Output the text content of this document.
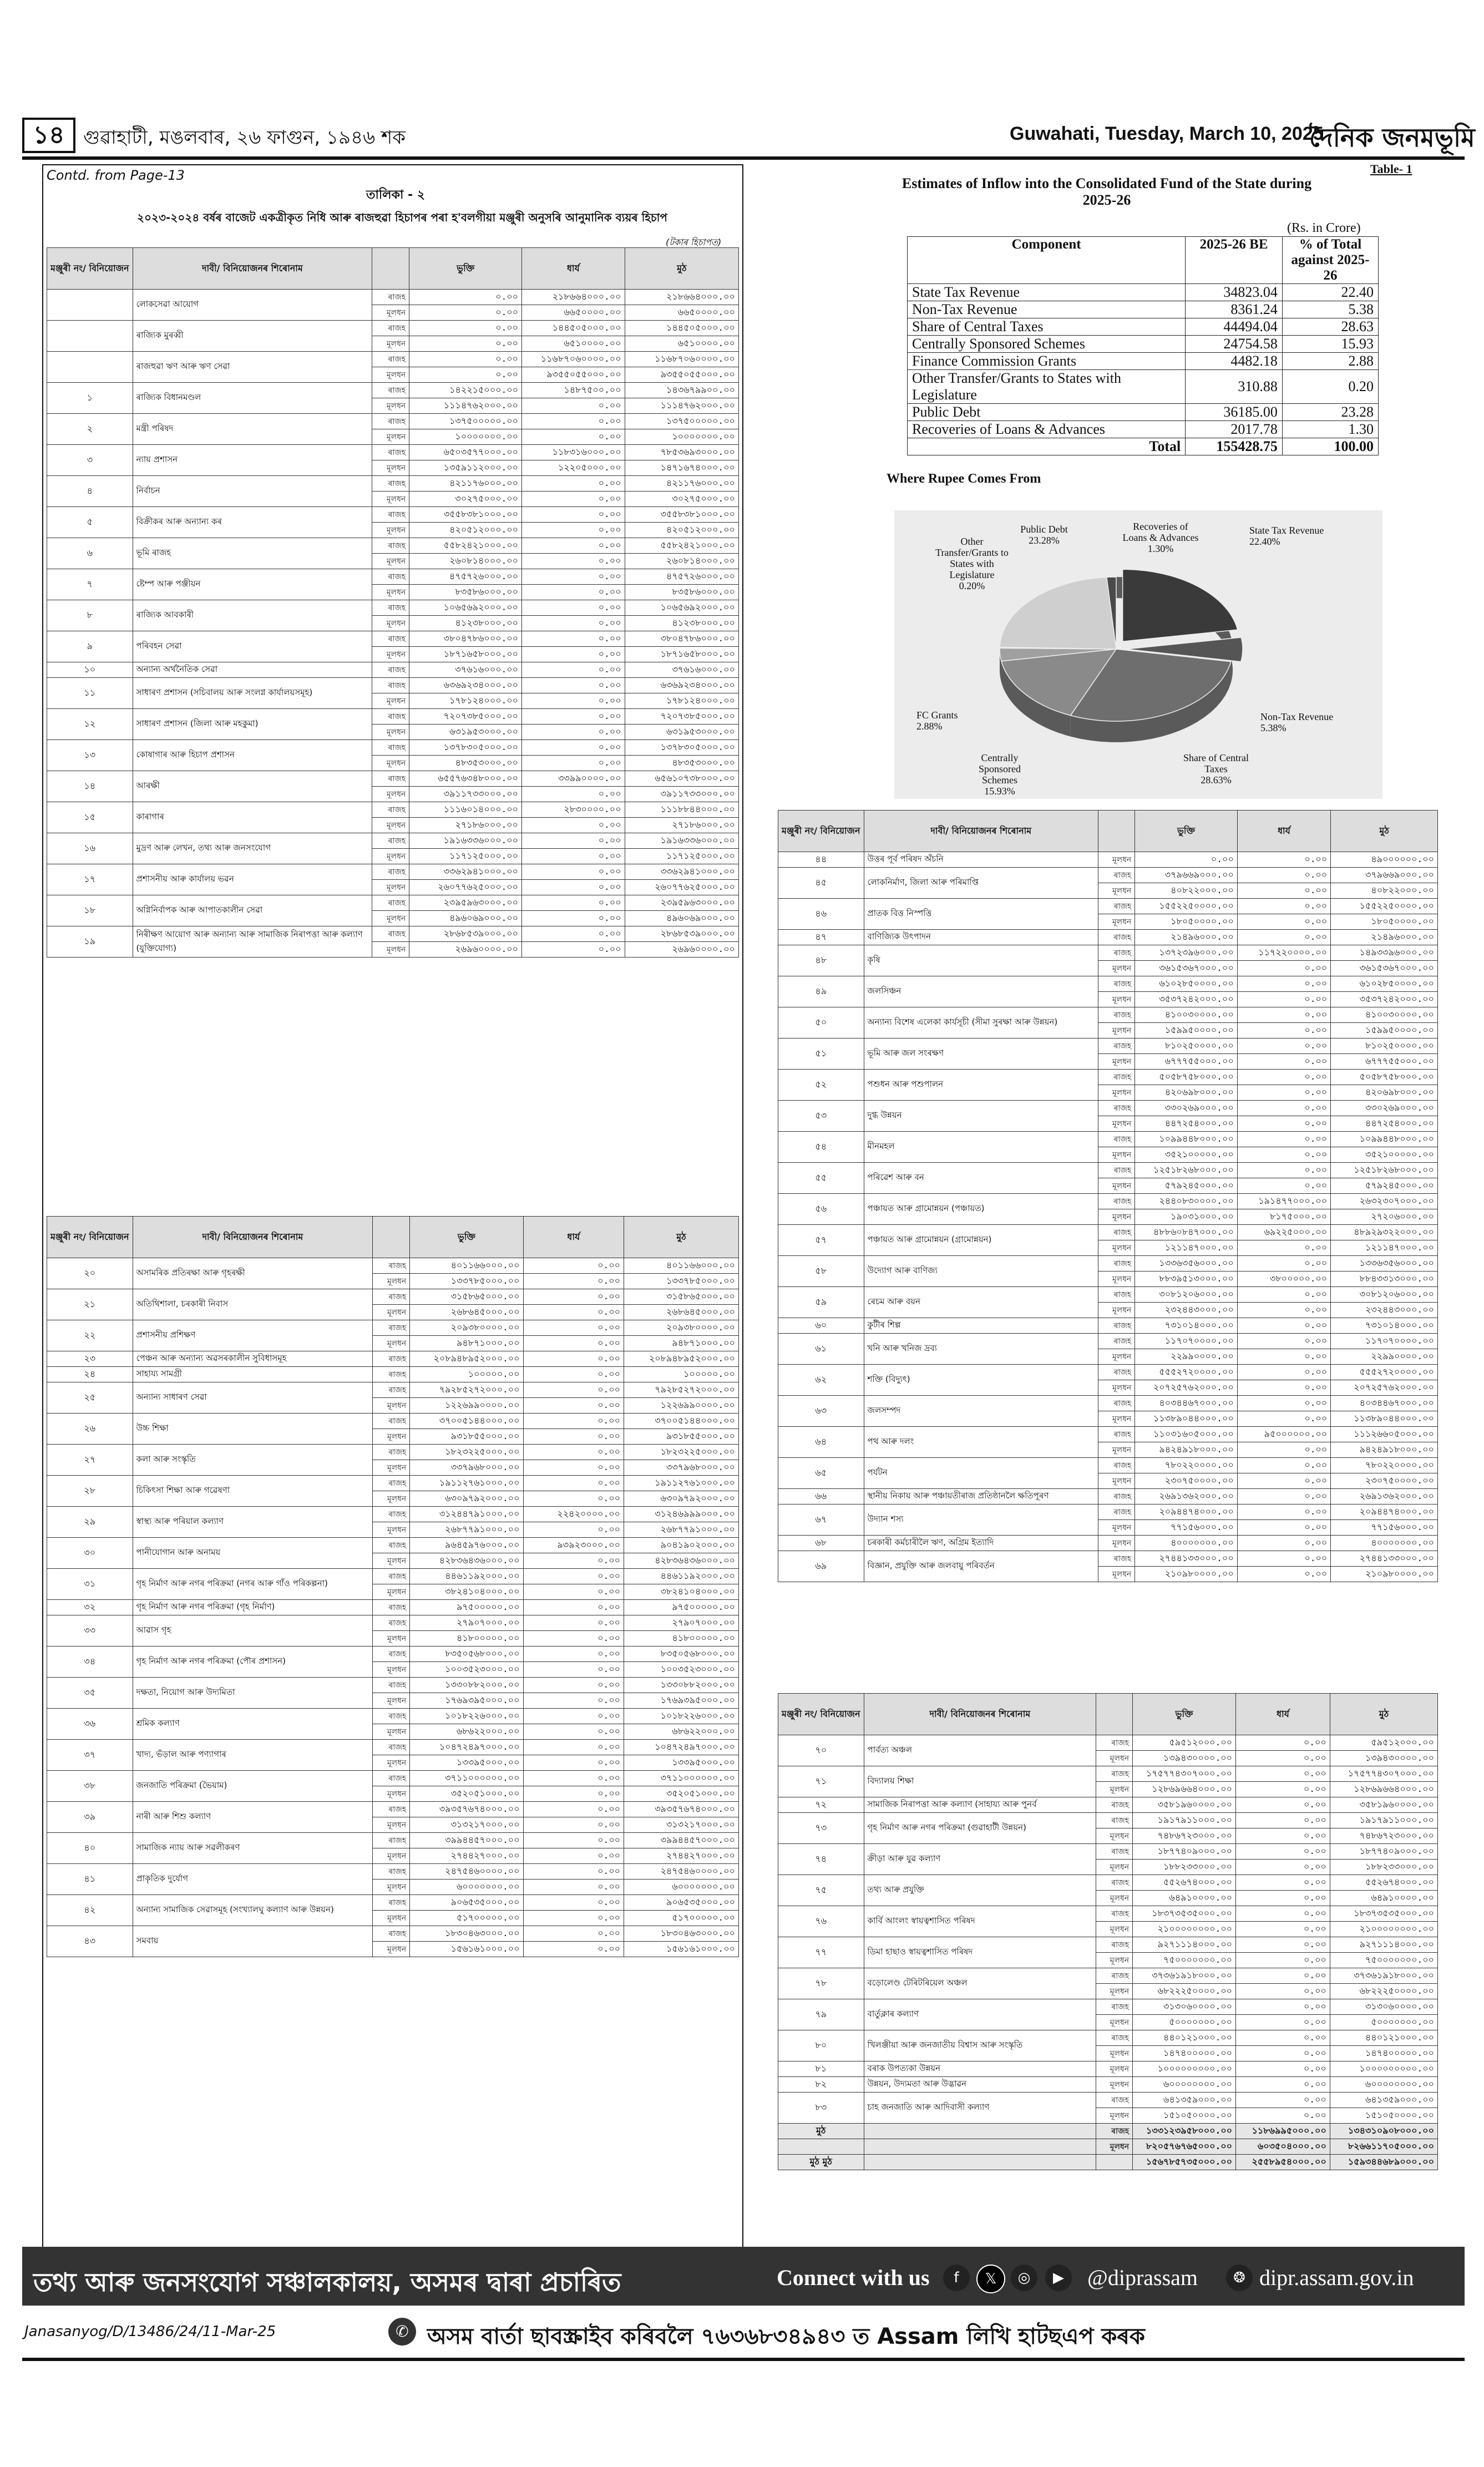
১৪ গুৱাহাটী, মঙলবাৰ, ২৬ ফাগুন, ১৯৪৬ শক	Guwahati, Tuesday, March 10, 2025
দৈনিক জনমভূমি
Contd. from Page-13
তালিকা - ২
২০২৩-২০২৪ বৰ্ষৰ বাজেট একত্ৰীকৃত নিধি আৰু ৰাজহুৱা হিচাপৰ পৰা হ'বলগীয়া মঞ্জুৰী অনুসৰি আনুমানিক ব্যয়ৰ হিচাপ
(টকাৰ হিচাপত)
মঞ্জুৰী নং/ বিনিয়োজন	দাবী/ বিনিয়োজনৰ শিৰোনাম		ভুক্তি	ধাৰ্য	মুঠ
	লোকসেৱা আয়োগ	ৰাজহ	০.০০	২১৮৬৬৪০০০.০০	২১৮৬৬৪০০০.০০
		মূলধন	০.০০	৬৬৫০০০০.০০	৬৬৫০০০০.০০
	ৰাজ্যিক মুৰব্বী	ৰাজহ	০.০০	১৪৪৫০৫০০০.০০	১৪৪৫০৫০০০.০০
		মূলধন	০.০০	৬৫১০০০০.০০	৬৫১০০০০.০০
	ৰাজহুৱা ঋণ আৰু ঋণ সেৱা	ৰাজহ	০.০০	১১৬৮৭০৬০০০০.০০	১১৬৮৭০৬০০০০.০০
		মূলধন	০.০০	৯৩৫৫০৫৫০০০.০০	৯৩৫৫০৫৫০০০.০০
১	ৰাজ্যিক বিধানমণ্ডল	ৰাজহ	১৪২২১৫০০০.০০	১৪৮৭৫০০.০০	১৪৩৬৭৯৯০০.০০
		মূলধন	১১১৪৭৬২০০০.০০	০.০০	১১১৪৭৬২০০০.০০
২	মন্ত্ৰী পৰিষদ	ৰাজহ	১৩৭৫০০০০০.০০	০.০০	১৩৭৫০০০০০.০০
		মূলধন	১০০০০০০০.০০	০.০০	১০০০০০০০.০০
৩	ন্যায় প্ৰশাসন	ৰাজহ	৬৫০৩৫৭৭০০০.০০	১১৮৩১৬০০০.০০	৭৮৫৩৬৯৩০০০.০০
		মূলধন	১৩৫৯১১২০০০.০০	১২২০৫০০০.০০	১৪৭১৬৭৪০০০.০০
৪	নিৰ্বাচন	ৰাজহ	৪২১১৭৬০০০.০০	০.০০	৪২১১৭৬০০০.০০
		মূলধন	৩০২৭৫০০০.০০	০.০০	৩০২৭৫০০০.০০
৫	বিক্ৰীকৰ আৰু অন্যান্য কৰ	ৰাজহ	৩৫৫৮৩৮১০০০.০০	০.০০	৩৫৫৮৩৮১০০০.০০
		মূলধন	৪২০৫১২০০০.০০	০.০০	৪২০৫১২০০০.০০
৬	ভূমি ৰাজহ	ৰাজহ	৫৫৮২৪২১০০০.০০	০.০০	৫৫৮২৪২১০০০.০০
		মূলধন	২৬০৮১৪০০০.০০	০.০০	২৬০৮১৪০০০.০০
৭	ষ্টেম্প আৰু পঞ্জীয়ন	ৰাজহ	৪৭৫৭২৬০০০.০০	০.০০	৪৭৫৭২৬০০০.০০
		মূলধন	৮৩৫৮৬০০০.০০	০.০০	৮৩৫৮৬০০০.০০
৮	ৰাজ্যিক আবকাৰী	ৰাজহ	১০৬৫৬৯২০০০.০০	০.০০	১০৬৫৬৯২০০০.০০
		মূলধন	৪১২৩৮০০০.০০	০.০০	৪১২৩৮০০০.০০
৯	পৰিবহন সেৱা	ৰাজহ	৩৮০৪৭৮৬০০০.০০	০.০০	৩৮০৪৭৮৬০০০.০০
		মূলধন	১৮৭১৬৫৮০০০.০০	০.০০	১৮৭১৬৫৮০০০.০০
১০	অন্যান্য অৰ্থনৈতিক সেৱা	ৰাজহ	৩৭৬১৬০০০.০০	০.০০	৩৭৬১৬০০০.০০
১১	সাধাৰণ প্ৰশাসন (সচিবালয় আৰু সংলগ্ন কাৰ্যালয়সমূহ)	ৰাজহ	৬৩৬৯২৩৪০০০.০০	০.০০	৬৩৬৯২৩৪০০০.০০
		মূলধন	১৭৮১২৪০০০.০০	০.০০	১৭৮১২৪০০০.০০
১২	সাধাৰণ প্ৰশাসন (জিলা আৰু মহকুমা)	ৰাজহ	৭২০৭৩৮৫০০০.০০	০.০০	৭২০৭৩৮৫০০০.০০
		মূলধন	৬৩১৯৫৩০০০.০০	০.০০	৬৩১৯৫৩০০০.০০
১৩	কোষাগাৰ আৰু হিচাপ প্ৰশাসন	ৰাজহ	১৩৭৮৩০৫০০০.০০	০.০০	১৩৭৮৩০৫০০০.০০
		মূলধন	৪৮৩৫৩০০০.০০	০.০০	৪৮৩৫৩০০০.০০
১৪	আৰক্ষী	ৰাজহ	৬৫৫৭৬৩৪৮০০০.০০	৩৩৯৯০০০০.০০	৬৫৬১০৭৩৮০০০.০০
		মূলধন	৩৯১১৭৩৩০০০.০০	০.০০	৩৯১১৭৩৩০০০.০০
১৫	কাৰাগাৰ	ৰাজহ	১১১৬০১৪০০০.০০	২৮৩০০০০.০০	১১১৮৮৪৪০০০.০০
		মূলধন	২৭১৮৬০০০.০০	০.০০	২৭১৮৬০০০.০০
১৬	মুদ্ৰণ আৰু লেখন, তথ্য আৰু জনসংযোগ	ৰাজহ	১৯১৬৩৩৬০০০.০০	০.০০	১৯১৬৩৩৬০০০.০০
		মূলধন	১১৭১২৫০০০.০০	০.০০	১১৭১২৫০০০.০০
১৭	প্ৰশাসনীয় আৰু কাৰ্যালয় ভৱন	ৰাজহ	৩৩৬২৯৪১০০০.০০	০.০০	৩৩৬২৯৪১০০০.০০
		মূলধন	২৬০৭৭৬২৫০০০.০০	০.০০	২৬০৭৭৬২৫০০০.০০
১৮	অগ্নিনিৰ্বাপক আৰু আপাতকালীন সেৱা	ৰাজহ	২৩৯৫৯৬৩০০০.০০	০.০০	২৩৯৫৯৬৩০০০.০০
		মূলধন	৪৯৬০৬৯০০০.০০	০.০০	৪৯৬০৬৯০০০.০০
১৯	নিৰীক্ষণ আয়োগ আৰু অন্যান্য আৰু সামাজিক নিৰাপত্তা আৰু কল্যাণ (যুক্তিযোগ্য)	ৰাজহ	২৮৬৮৫৩৯০০০.০০	০.০০	২৮৬৮৫৩৯০০০.০০
		মূলধন	২৬৯৬০০০০.০০	০.০০	২৬৯৬০০০০.০০
মঞ্জুৰী নং/ বিনিয়োজন	দাবী/ বিনিয়োজনৰ শিৰোনাম		ভুক্তি	ধাৰ্য	মুঠ
২০	অসামৰিক প্ৰতিৰক্ষা আৰু গৃহৰক্ষী	ৰাজহ	৪০১১৬৬০০০.০০	০.০০	৪০১১৬৬০০০.০০
		মূলধন	১৩৩৭৮৫০০০.০০	০.০০	১৩৩৭৮৫০০০.০০
২১	অতিথিশালা, চৰকাৰী নিবাস	ৰাজহ	৩১৫৮৬৫০০০.০০	০.০০	৩১৫৮৬৫০০০.০০
		মূলধন	২৬৮৬৪৫০০০.০০	০.০০	২৬৮৬৪৫০০০.০০
২২	প্ৰশাসনীয় প্ৰশিক্ষণ	ৰাজহ	২০৯৩৮০০০০.০০	০.০০	২০৯৩৮০০০০.০০
		মূলধন	৯৪৮৭১০০০.০০	০.০০	৯৪৮৭১০০০.০০
২৩	পেঞ্চন আৰু অন্যান্য অৱসৰকালীন সুবিধাসমূহ	ৰাজহ	২০৮৯৪৮৯৫২০০০.০০	০.০০	২০৮৯৪৮৯৫২০০০.০০
২৪	সাহায্য সামগ্ৰী	ৰাজহ	১০০০০০.০০	০.০০	১০০০০০.০০
২৫	অন্যান্য সাধাৰণ সেৱা	ৰাজহ	৭৯২৮৫২৭২০০০.০০	০.০০	৭৯২৮৫২৭২০০০.০০
		মূলধন	১২২৬৯৯০০০০.০০	০.০০	১২২৬৯৯০০০০.০০
২৬	উচ্চ শিক্ষা	ৰাজহ	৩৭০০৫১৪৪০০০.০০	০.০০	৩৭০০৫১৪৪০০০.০০
		মূলধন	৯৩১৮৫৫০০০.০০	০.০০	৯৩১৮৫৫০০০.০০
২৭	কলা আৰু সংস্কৃতি	ৰাজহ	১৮২৩২২৫০০০.০০	০.০০	১৮২৩২২৫০০০.০০
		মূলধন	৩৩৭৯৬৮০০০.০০	০.০০	৩৩৭৯৬৮০০০.০০
২৮	চিকিৎসা শিক্ষা আৰু গৱেষণা	ৰাজহ	১৯১১২৭৬১০০০.০০	০.০০	১৯১১২৭৬১০০০.০০
		মূলধন	৬৩০৯৭৯২০০০.০০	০.০০	৬৩০৯৭৯২০০০.০০
২৯	স্বাস্থ্য আৰু পৰিয়াল কল্যাণ	ৰাজহ	৩১২৪৪৭৯১০০০.০০	২২৪২০০০০.০০	৩১২৪৬৯৯৯০০০.০০
		মূলধন	২৬৮৭৭৯১০০০.০০	০.০০	২৬৮৭৭৯১০০০.০০
৩০	পানীযোগান আৰু অনাময়	ৰাজহ	৯৬৪৫৯৭৬০০০.০০	৯৩৯২৩০০০.০০	৯০৪১৯০২০০০.০০
		মূলধন	৪২৮৩৬৪৩৬০০০.০০	০.০০	৪২৮৩৬৪৩৬০০০.০০
৩১	গৃহ নিৰ্মাণ আৰু নগৰ পৰিক্ৰমা (নগৰ আৰু গাঁও পৰিকল্পনা)	ৰাজহ	৪৪৬১১৯২০০০.০০	০.০০	৪৪৬১১৯২০০০.০০
		মূলধন	৩৮২৪১০৪০০০.০০	০.০০	৩৮২৪১০৪০০০.০০
৩২	গৃহ নিৰ্মাণ আৰু নগৰ পৰিক্ৰমা (গৃহ নিৰ্মাণ)	ৰাজহ	৯৭৫০০০০০.০০	০.০০	৯৭৫০০০০০.০০
৩৩	আৱাস গৃহ	ৰাজহ	২৭৯০৭০০০.০০	০.০০	২৭৯০৭০০০.০০
		মূলধন	৪১৮০০০০০.০০	০.০০	৪১৮০০০০০.০০
৩৪	গৃহ নিৰ্মাণ আৰু নগৰ পৰিক্ৰমা (পৌৰ প্ৰশাসন)	ৰাজহ	৮৩৫০৫৬৮০০০.০০	০.০০	৮৩৫০৫৬৮০০০.০০
		মূলধন	১০০৩৫২৩০০০.০০	০.০০	১০০৩৫২৩০০০.০০
৩৫	দক্ষতা, নিয়োগ আৰু উদ্যমিতা	ৰাজহ	১৩৩০৮৮২০০০.০০	০.০০	১৩৩০৮৮২০০০.০০
		মূলধন	১৭৬৯৩৯৫০০০.০০	০.০০	১৭৬৯৩৯৫০০০.০০
৩৬	শ্ৰমিক কল্যাণ	ৰাজহ	১০১৮২২৬০০০.০০	০.০০	১০১৮২২৬০০০.০০
		মূলধন	৬৮৬২২০০০.০০	০.০০	৬৮৬২২০০০.০০
৩৭	খাদ্য, ভঁড়াল আৰু পণ্যাগাৰ	ৰাজহ	১০৪৭২৪৯৭০০০.০০	০.০০	১০৪৭২৪৯৭০০০.০০
		মূলধন	১৩৩৯৫০০০.০০	০.০০	১৩৩৯৫০০০.০০
৩৮	জনজাতি পৰিক্ৰমা (ভৈয়াম)	ৰাজহ	৩৭১১০০০০০০.০০	০.০০	৩৭১১০০০০০০.০০
		মূলধন	৩৫২০৫১০০০.০০	০.০০	৩৫২০৫১০০০.০০
৩৯	নাৰী আৰু শিশু কল্যাণ	ৰাজহ	৩৯৩৫৭৬৭৪০০০.০০	০.০০	৩৯৩৫৭৬৭৪০০০.০০
		মূলধন	৩১৩২১৭০০০.০০	০.০০	৩১৩২১৭০০০.০০
৪০	সামাজিক ন্যায় আৰু সৱলীকৰণ	ৰাজহ	৩৯৯৪৪৫৭০০০.০০	০.০০	৩৯৯৪৪৫৭০০০.০০
		মূলধন	২৭৪৪২৭০০০.০০	০.০০	২৭৪৪২৭০০০.০০
৪১	প্ৰাকৃতিক দুৰ্যোগ	ৰাজহ	২৪৭৫৪৬০০০০.০০	০.০০	২৪৭৫৪৬০০০০.০০
		মূলধন	৬০০০০০০০.০০	০.০০	৬০০০০০০০.০০
৪২	অন্যান্য সামাজিক সেৱাসমূহ (সংখ্যালঘু কল্যাণ আৰু উন্নয়ন)	ৰাজহ	৯০৬৫৩৫০০০.০০	০.০০	৯০৬৫৩৫০০০.০০
		মূলধন	৫১৭০০০০০.০০	০.০০	৫১৭০০০০০.০০
৪৩	সমবায়	ৰাজহ	১৮৩০৪৬৩০০০.০০	০.০০	১৮৩০৪৬৩০০০.০০
		মূলধন	১৫৬১৬১০০০.০০	০.০০	১৫৬১৬১০০০.০০
Table- 1
Estimates of Inflow into the Consolidated Fund of the State during 2025-26
(Rs. in Crore)
Component	2025-26 BE	% of Total against 2025-26
State Tax Revenue	34823.04	22.40
Non-Tax Revenue	8361.24	5.38
Share of Central Taxes	44494.04	28.63
Centrally Sponsored Schemes	24754.58	15.93
Finance Commission Grants	4482.18	2.88
Other Transfer/Grants to States with Legislature	310.88	0.20
Public Debt	36185.00	23.28
Recoveries of Loans & Advances	2017.78	1.30
Total	155428.75	100.00
Where Rupee Comes From
State Tax Revenue
22.40%
Non-Tax Revenue
5.38%
Share of Central
Taxes
28.63%
Centrally
Sponsored
Schemes
15.93%
FC Grants
2.88%
Other
Transfer/Grants to
States with
Legislature
0.20%
Public Debt
23.28%
Recoveries of
Loans & Advances
1.30%
মঞ্জুৰী নং/ বিনিয়োজন	দাবী/ বিনিয়োজনৰ শিৰোনাম		ভুক্তি	ধাৰ্য	মুঠ
৪৪	উত্তৰ পূৰ্ব পৰিষদ অঁচনি	মূলধন	০.০০	০.০০	৪৯০০০০০০.০০
৪৫	লোকনিৰ্মাণ, জিলা আৰু পৰিমাপ্তি	ৰাজহ	৩৭৯৬৬৯০০০.০০	০.০০	৩৭৯৬৬৯০০০.০০
		মূলধন	৪০৮২২০০০.০০	০.০০	৪০৮২২০০০.০০
৪৬	প্ৰাতক বিত্ত নিস্পত্তি	ৰাজহ	১৫৫২২৫০০০০.০০	০.০০	১৫৫২২৫০০০০.০০
		মূলধন	১৮০৫০০০০.০০	০.০০	১৮০৫০০০০.০০
৪৭	বাণিজ্যিক উৎপাদন	ৰাজহ	২১৪৯৬০০০.০০	০.০০	২১৪৯৬০০০.০০
৪৮	কৃষি	ৰাজহ	১৩৭২৩৯৬০০০.০০	১১৭২২০০০০.০০	১৪৯৩৩৯৬০০০.০০
		মূলধন	৩৬১৫৩৬৭০০০.০০	০.০০	৩৬১৫৩৬৭০০০.০০
৪৯	জলসিঞ্চন	ৰাজহ	৬১০২৮৫০০০০.০০	০.০০	৬১০২৮৫০০০০.০০
		মূলধন	৩৫৩৭২৪২০০০.০০	০.০০	৩৫৩৭২৪২০০০.০০
৫০	অন্যান্য বিশেষ এলেকা কাৰ্যসূচী (সীমা সুৰক্ষা আৰু উন্নয়ন)	ৰাজহ	৪১০০৩০০০০.০০	০.০০	৪১০০৩০০০০.০০
		মূলধন	১৫৯৯৫০০০০.০০	০.০০	১৫৯৯৫০০০০.০০
৫১	ভূমি আৰু জল সংৰক্ষণ	ৰাজহ	৮১০২৫০০০০.০০	০.০০	৮১০২৫০০০০.০০
		মূলধন	৬৭৭৭৫৫০০০.০০	০.০০	৬৭৭৭৫৫০০০.০০
৫২	পশুধন আৰু পশুপালন	ৰাজহ	৫০৫৮৭৫৮০০০.০০	০.০০	৫০৫৮৭৫৮০০০.০০
		মূলধন	৪২০৬৯৮০০০.০০	০.০০	৪২০৬৯৮০০০.০০
৫৩	দুগ্ধ উন্নয়ন	ৰাজহ	৩৩০২৬৯০০০.০০	০.০০	৩৩০২৬৯০০০.০০
		মূলধন	৪৪৭২৫৪০০০.০০	০.০০	৪৪৭২৫৪০০০.০০
৫৪	মীনমহল	ৰাজহ	১০৯৯৪৪৮০০০.০০	০.০০	১০৯৯৪৪৮০০০.০০
		মূলধন	৩৫২১০০০০০.০০	০.০০	৩৫২১০০০০০.০০
৫৫	পৰিৱেশ আৰু বন	ৰাজহ	১২৫১৮২৬৮০০০.০০	০.০০	১২৫১৮২৬৮০০০.০০
		মূলধন	৫৭৯২৪৫০০০.০০	০.০০	৫৭৯২৪৫০০০.০০
৫৬	পঞ্চায়ত আৰু গ্ৰামোন্নয়ন (পঞ্চায়ত)	ৰাজহ	২৪৪০৮৩০০০০.০০	১৯১৪৭৭০০০.০০	২৬৩২৩০৭০০০.০০
		মূলধন	১৯০৩১০০০.০০	৮১৭৫০০০.০০	২৭২০৬০০০.০০
৫৭	পঞ্চায়ত আৰু গ্ৰামোন্নয়ন (গ্ৰামোন্নয়ন)	ৰাজহ	৪৮৮৬০৮৪৭০০০.০০	৬৯২২৫০০০.০০	৪৮৯২৯৩২২০০০.০০
		মূলধন	১২১১৪৭০০০.০০	০.০০	১২১১৪৭০০০.০০
৫৮	উদ্যোগ আৰু বাণিজ্য	ৰাজহ	১৩৩৬৩৫৬০০০.০০	০.০০	১৩৩৬৩৫৬০০০.০০
		মূলধন	৮৮৩৯৫১৩০০০.০০	৩৮০০০০০.০০	৮৮৪৩৩১৩০০০.০০
৫৯	ৰেচম আৰু বয়ন	ৰাজহ	৩০৮১২০৬০০০.০০	০.০০	৩০৮১২০৬০০০.০০
		মূলধন	২৩২৪৪৩০০০.০০	০.০০	২৩২৪৪৩০০০.০০
৬০	কুটীৰ শিল্প	ৰাজহ	৭৩১০১৪০০০.০০	০.০০	৭৩১০১৪০০০.০০
৬১	খনি আৰু খনিজ দ্ৰব্য	ৰাজহ	১১৭০৭০০০০.০০	০.০০	১১৭০৭০০০০.০০
		মূলধন	২২৯৯০০০০.০০	০.০০	২২৯৯০০০০.০০
৬২	শক্তি (বিদ্যুৎ)	ৰাজহ	৫৫৫২৭২০০০০.০০	০.০০	৫৫৫২৭২০০০০.০০
		মূলধন	২০৭২৫৭৬২০০০.০০	০.০০	২০৭২৫৭৬২০০০.০০
৬৩	জলসম্পদ	ৰাজহ	৪০৩৪৪৬৭০০০.০০	০.০০	৪০৩৪৪৬৭০০০.০০
		মূলধন	১১৩৮৯০৪৪০০০.০০	০.০০	১১৩৮৯০৪৪০০০.০০
৬৪	পথ আৰু দলং	ৰাজহ	১১০৩১৬০৫০০০.০০	৯৫০০০০০০.০০	১১১২৬৬০৫০০০.০০
		মূলধন	৯৪২৪৯১৮০০০.০০	০.০০	৯৪২৪৯১৮০০০.০০
৬৫	পৰ্যটন	ৰাজহ	৭৮০২২০০০০.০০	০.০০	৭৮০২২০০০০.০০
		মূলধন	২৩০৭৫০০০০.০০	০.০০	২৩০৭৫০০০০.০০
৬৬	স্থানীয় নিকায় আৰু পঞ্চায়তীৰাজ প্ৰতিষ্ঠানলৈ ক্ষতিপূৰণ	ৰাজহ	২৬৯১৩৬২০০০.০০	০.০০	২৬৯১৩৬২০০০.০০
৬৭	উদ্যান শস্য	ৰাজহ	২০৯৪৪৭৪০০০.০০	০.০০	২০৯৪৪৭৪০০০.০০
		মূলধন	৭৭১৫৬০০০.০০	০.০০	৭৭১৫৬০০০.০০
৬৮	চৰকাৰী কৰ্মচাৰীলৈ ঋণ, অগ্ৰিম ইত্যাদি	মূলধন	৪০০০০০০০.০০	০.০০	৪০০০০০০০.০০
৬৯	বিজ্ঞান, প্ৰযুক্তি আৰু জলবায়ু পৰিবৰ্তন	ৰাজহ	২৭৪৪১৩৩০০০.০০	০.০০	২৭৪৪১৩৩০০০.০০
		মূলধন	২১০৯৮০০০০.০০	০.০০	২১০৯৮০০০০.০০
মঞ্জুৰী নং/ বিনিয়োজন	দাবী/ বিনিয়োজনৰ শিৰোনাম		ভুক্তি	ধাৰ্য	মুঠ
৭০	পাৰ্বত্য অঞ্চল	ৰাজহ	৫৯৫১২০০০.০০	০.০০	৫৯৫১২০০০.০০
		মূলধন	১৩৯৪৩০০০০.০০	০.০০	১৩৯৪৩০০০০.০০
৭১	বিদ্যালয় শিক্ষা	ৰাজহ	১৭৫৭৭৪৩০৭০০০.০০	০.০০	১৭৫৭৭৪৩০৭০০০.০০
		মূলধন	১২৮৬৯৬৬৪০০০.০০	০.০০	১২৮৬৯৬৬৪০০০.০০
৭২	সামাজিক নিৰাপত্তা আৰু কল্যাণ (সাহায্য আৰু পুনৰ্ব	ৰাজহ	৩৫৮১৯৬০০০০.০০	০.০০	৩৫৮১৯৬০০০০.০০
৭৩	গৃহ নিৰ্মাণ আৰু নগৰ পৰিক্ৰমা (গুৱাহাটী উন্নয়ন)	ৰাজহ	১৯১৭৯১১০০০.০০	০.০০	১৯১৭৯১১০০০.০০
		মূলধন	৭৪৮৬৭২৩০০০.০০	০.০০	৭৪৮৬৭২৩০০০.০০
৭৪	ক্ৰীড়া আৰু যুৱ কল্যাণ	ৰাজহ	১৮৭৭৪০৯০০০.০০	০.০০	১৮৭৭৪০৯০০০.০০
		মূলধন	১৮৮২৩৩০০০.০০	০.০০	১৮৮২৩৩০০০.০০
৭৫	তথ্য আৰু প্ৰযুক্তি	ৰাজহ	৫৫২৬৭৪০০০.০০	০.০০	৫৫২৬৭৪০০০.০০
		মূলধন	৬৪৯১০০০০.০০	০.০০	৬৪৯১০০০০.০০
৭৬	কাৰ্বি আংলং স্বায়ত্বশাসিত পৰিষদ	ৰাজহ	১৮৩৭৩৫৩৫০০০.০০	০.০০	১৮৩৭৩৫৩৫০০০.০০
		মূলধন	২১০০০০০০০০.০০	০.০০	২১০০০০০০০০.০০
৭৭	ডিমা হাছাও স্বায়ত্বশাসিত পৰিষদ	ৰাজহ	৯২৭১১১৪০০০.০০	০.০০	৯২৭১১১৪০০০.০০
		মূলধন	৭৫০০০০০০০.০০	০.০০	৭৫০০০০০০০.০০
৭৮	বড়োলেণ্ড টেৰিটৰিয়েল অঞ্চল	ৰাজহ	৩৭৩৬১৯১৮০০০.০০	০.০০	৩৭৩৬১৯১৮০০০.০০
		মূলধন	৬৮২২২৫০০০০.০০	০.০০	৬৮২২২৫০০০০.০০
৭৯	বাৰ্তুক্লাৰ কল্যাণ	ৰাজহ	৩১৩০৬০০০০.০০	০.০০	৩১৩০৬০০০০.০০
		মূলধন	৫০০০০০০০.০০	০.০০	৫০০০০০০০.০০
৮০	খিলঞ্জীয়া আৰু জনজাতীয় বিশ্বাস আৰু সংস্কৃতি	ৰাজহ	৪৪০১২১০০০.০০	০.০০	৪৪০১২১০০০.০০
		মূলধন	১৪৭৪০০০০০.০০	০.০০	১৪৭৪০০০০০.০০
৮১	বৰাক উপত্যকা উন্নয়ন	মূলধন	১০০০০০০০০০.০০	০.০০	১০০০০০০০০০.০০
৮২	উন্নয়ন, উদ্যমতা আৰু উদ্ভাৱন	মূলধন	৬০০০০০০০০.০০	০.০০	৬০০০০০০০০.০০
৮৩	চাহ জনজাতি আৰু আদিবাসী কল্যাণ	ৰাজহ	৬৪১৩৫৯০০০.০০	০.০০	৬৪১৩৫৯০০০.০০
		মূলধন	১৫১০৫০০০০.০০	০.০০	১৫১০৫০০০০.০০
মুঠ		ৰাজহ	১৩৩১২৩৯৫৮০০০.০০	১১৮৬৯৯৫০০০.০০	১৩৪৩১০৯০৮০০০.০০
		মূলধন	৮২০৫৭৬৭৬৫০০০.০০	৬০৩৫০৪০০০.০০	৮২৬৬১১৭০৫০০০.০০
মুঠ মুঠ			১৫৬৭৮৫৭৩৫০০০.০০	২৫৫৮৯৫৪০০০.০০	১৫৯৩৪৪৬৮৯০০০.০০
তথ্য আৰু জনসংযোগ সঞ্চালকালয়, অসমৰ দ্বাৰা প্ৰচাৰিত	Connect with us	f	𝕏	◎	▶	@diprassam	❂ dipr.assam.gov.in
Janasanyog/D/13486/24/11-Mar-25	✆ অসম বাৰ্তা ছাবস্ক্ৰাইব কৰিবলৈ ৭৬৩৬৮৩৪৯৪৩ ত Assam লিখি হাটছএপ কৰক
